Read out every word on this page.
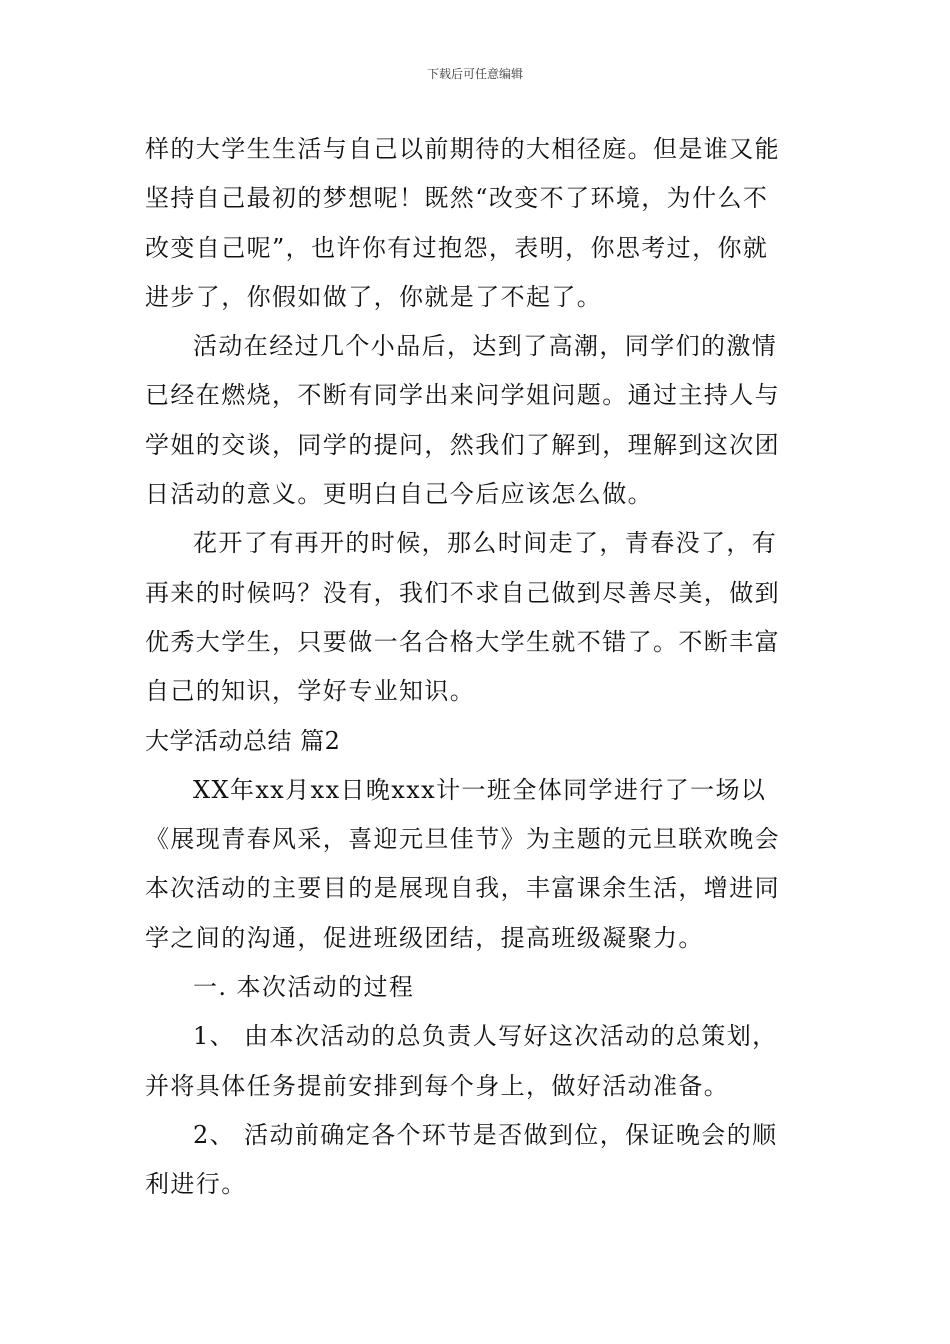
下载后可任意编辑
样的大学生生活与自己以前期待的大相径庭。但是谁又能
坚持自己最初的梦想呢！既然“改变不了环境，为什么不
改变自己呢”，也许你有过抱怨，表明，你思考过，你就
进步了，你假如做了，你就是了不起了。
活动在经过几个小品后，达到了高潮，同学们的激情
已经在燃烧，不断有同学出来问学姐问题。通过主持人与
学姐的交谈，同学的提问，然我们了解到，理解到这次团
日活动的意义。更明白自己今后应该怎么做。
花开了有再开的时候，那么时间走了，青春没了，有
再来的时候吗？没有，我们不求自己做到尽善尽美，做到
优秀大学生，只要做一名合格大学生就不错了。不断丰富
自己的知识，学好专业知识。
大学活动总结 篇2
XX年xx月xx日晚xxx计一班全体同学进行了一场以
《展现青春风采，喜迎元旦佳节》为主题的元旦联欢晚会
本次活动的主要目的是展现自我，丰富课余生活，增进同
学之间的沟通，促进班级团结，提高班级凝聚力。
一. 本次活动的过程
1、 由本次活动的总负责人写好这次活动的总策划，
并将具体任务提前安排到每个身上，做好活动准备。
2、 活动前确定各个环节是否做到位，保证晚会的顺
利进行。
